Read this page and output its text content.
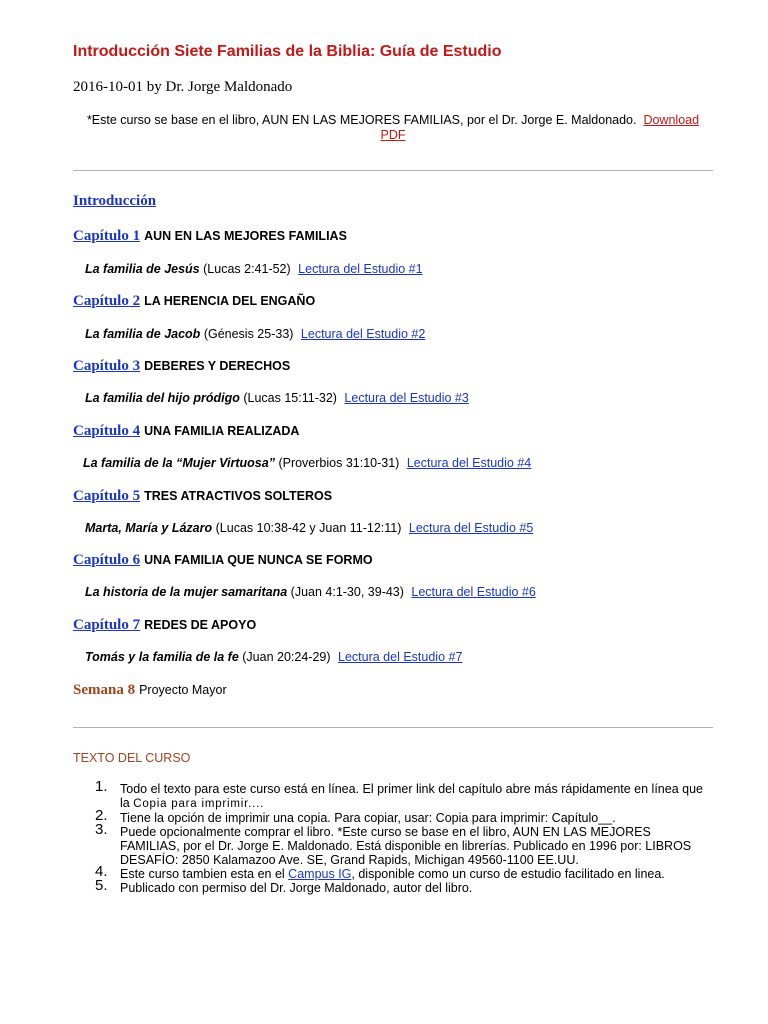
Introducción Siete Familias de la Biblia: Guía de Estudio
2016-10-01 by Dr. Jorge Maldonado
*Este curso se base en el libro, AUN EN LAS MEJORES FAMILIAS, por el Dr. Jorge E. Maldonado. Download PDF
Introducción
Capítulo 1 AUN EN LAS MEJORES FAMILIAS
La familia de Jesús (Lucas 2:41-52) Lectura del Estudio #1
Capítulo 2 LA HERENCIA DEL ENGAÑO
La familia de Jacob (Génesis 25-33) Lectura del Estudio #2
Capítulo 3 DEBERES Y DERECHOS
La familia del hijo pródigo (Lucas 15:11-32) Lectura del Estudio #3
Capítulo 4 UNA FAMILIA REALIZADA
La familia de la “Mujer Virtuosa” (Proverbios 31:10-31) Lectura del Estudio #4
Capítulo 5 TRES ATRACTIVOS SOLTEROS
Marta, María y Lázaro (Lucas 10:38-42 y Juan 11-12:11) Lectura del Estudio #5
Capítulo 6 UNA FAMILIA QUE NUNCA SE FORMO
La historia de la mujer samaritana (Juan 4:1-30, 39-43) Lectura del Estudio #6
Capítulo 7 REDES DE APOYO
Tomás y la familia de la fe (Juan 20:24-29) Lectura del Estudio #7
Semana 8 Proyecto Mayor
TEXTO DEL CURSO
1. Todo el texto para este curso está en línea. El primer link del capítulo abre más rápidamente en línea que la Copia para imprimir....
2. Tiene la opción de imprimir una copia. Para copiar, usar: Copia para imprimir: Capítulo__.
3. Puede opcionalmente comprar el libro. *Este curso se base en el libro, AUN EN LAS MEJORES FAMILIAS, por el Dr. Jorge E. Maldonado. Está disponible en librerías. Publicado en 1996 por: LIBROS DESAFÍO: 2850 Kalamazoo Ave. SE, Grand Rapids, Michigan 49560-1100 EE.UU.
4. Este curso tambien esta en el Campus IG, disponible como un curso de estudio facilitado en linea.
5. Publicado con permiso del Dr. Jorge Maldonado, autor del libro.
